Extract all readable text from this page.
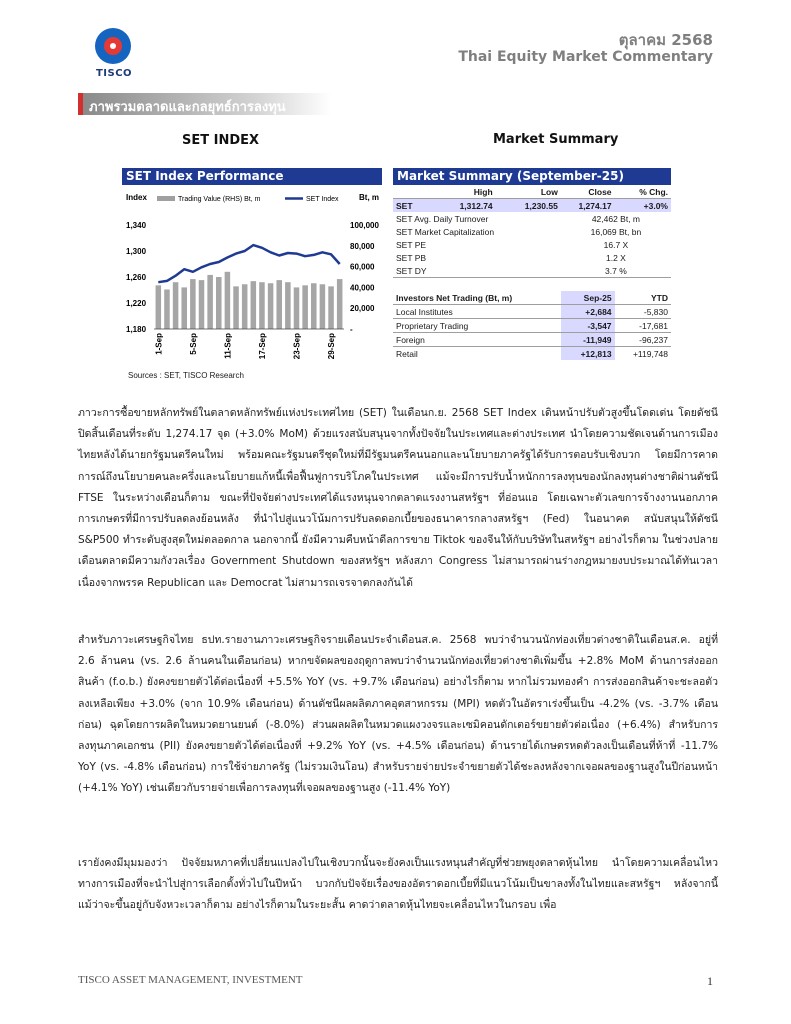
TISCO
ตุลาคม 2568
Thai Equity Market Commentary
ภาพรวมตลาดและกลยุทธ์การลงทุน
SET INDEX	Market Summary
SET Index Performance
Index	Bt, m
Trading Value (RHS) Bt, m	SET Index
1,340
1,300
1,260
1,220
1,180
100,000
80,000
60,000
40,000
20,000
-
1-Sep	5-Sep	11-Sep	17-Sep	23-Sep	29-Sep
Sources : SET, TISCO Research
Market Summary (September-25)
	High	Low	Close	% Chg.
SET	1,312.74	1,230.55	1,274.17	+3.0%
SET Avg. Daily Turnover			42,462 Bt, m	
SET Market Capitalization			16,069 Bt, bn	
SET PE			16.7 X	
SET PB			1.2 X	
SET DY			3.7 %	

Investors Net Trading (Bt, m)			Sep-25	YTD
Local Institutes			+2,684	-5,830
Proprietary Trading			-3,547	-17,681
Foreign			-11,949	-96,237
Retail			+12,813	+119,748
ภาวะการซื้อขายหลักทรัพย์ในตลาดหลักทรัพย์แห่งประเทศไทย (SET) ในเดือนก.ย. 2568 SET Index เดินหน้าปรับตัวสูงขึ้นโดดเด่น โดยดัชนีปิดสิ้นเดือนที่ระดับ 1,274.17 จุด (+3.0% MoM) ด้วยแรงสนับสนุนจากทั้งปัจจัยในประเทศและต่างประเทศ นำโดยความชัดเจนด้านการเมืองไทยหลังได้นายกรัฐมนตรีคนใหม่ พร้อมคณะรัฐมนตรีชุดใหม่ที่มีรัฐมนตรีคนนอกและนโยบายภาครัฐได้รับการตอบรับเชิงบวก โดยมีการคาดการณ์ถึงนโยบายคนละครึ่งและนโยบายแก้หนี้เพื่อฟื้นฟูการบริโภคในประเทศ แม้จะมีการปรับน้ำหนักการลงทุนของนักลงทุนต่างชาติผ่านดัชนี FTSE ในระหว่างเดือนก็ตาม ขณะที่ปัจจัยต่างประเทศได้แรงหนุนจากตลาดแรงงานสหรัฐฯ ที่อ่อนแอ โดยเฉพาะตัวเลขการจ้างงานนอกภาคการเกษตรที่มีการปรับลดลงย้อนหลัง ที่นำไปสู่แนวโน้มการปรับลดดอกเบี้ยของธนาคารกลางสหรัฐฯ (Fed) ในอนาคต สนับสนุนให้ดัชนี S&P500 ทำระดับสูงสุดใหม่ตลอดกาล นอกจากนี้ ยังมีความคืบหน้าดีลการขาย Tiktok ของจีนให้กับบริษัทในสหรัฐฯ อย่างไรก็ตาม ในช่วงปลายเดือนตลาดมีความกังวลเรื่อง Government Shutdown ของสหรัฐฯ หลังสภา Congress ไม่สามารถผ่านร่างกฎหมายงบประมาณได้ทันเวลาเนื่องจากพรรค Republican และ Democrat ไม่สามารถเจรจาตกลงกันได้
สำหรับภาวะเศรษฐกิจไทย ธปท.รายงานภาวะเศรษฐกิจรายเดือนประจำเดือนส.ค. 2568 พบว่าจำนวนนักท่องเที่ยวต่างชาติในเดือนส.ค. อยู่ที่ 2.6 ล้านคน (vs. 2.6 ล้านคนในเดือนก่อน) หากขจัดผลของฤดูกาลพบว่าจำนวนนักท่องเที่ยวต่างชาติเพิ่มขึ้น +2.8% MoM ด้านการส่งออกสินค้า (f.o.b.) ยังคงขยายตัวได้ต่อเนื่องที่ +5.5% YoY (vs. +9.7% เดือนก่อน) อย่างไรก็ตาม หากไม่รวมทองคำ การส่งออกสินค้าจะชะลอตัวลงเหลือเพียง +3.0% (จาก 10.9% เดือนก่อน) ด้านดัชนีผลผลิตภาคอุตสาหกรรม (MPI) หดตัวในอัตราเร่งขึ้นเป็น -4.2% (vs. -3.7% เดือนก่อน) ฉุดโดยการผลิตในหมวดยานยนต์ (-8.0%) ส่วนผลผลิตในหมวดแผงวงจรและเซมิคอนดักเตอร์ขยายตัวต่อเนื่อง (+6.4%) สำหรับการลงทุนภาคเอกชน (PII) ยังคงขยายตัวได้ต่อเนื่องที่ +9.2% YoY (vs. +4.5% เดือนก่อน) ด้านรายได้เกษตรหดตัวลงเป็นเดือนที่ห้าที่ -11.7% YoY (vs. -4.8% เดือนก่อน) การใช้จ่ายภาครัฐ (ไม่รวมเงินโอน) สำหรับรายจ่ายประจำขยายตัวได้ชะลงหลังจากเจอผลของฐานสูงในปีก่อนหน้า (+4.1% YoY) เช่นเดียวกับรายจ่ายเพื่อการลงทุนที่เจอผลของฐานสูง (-11.4% YoY)
เรายังคงมีมุมมองว่า ปัจจัยมหภาคที่เปลี่ยนแปลงไปในเชิงบวกนั้นจะยังคงเป็นแรงหนุนสำคัญที่ช่วยพยุงตลาดหุ้นไทย นำโดยความเคลื่อนไหวทางการเมืองที่จะนำไปสู่การเลือกตั้งทั่วไปในปีหน้า บวกกับปัจจัยเรื่องของอัตราดอกเบี้ยที่มีแนวโน้มเป็นขาลงทั้งในไทยและสหรัฐฯ หลังจากนี้แม้ว่าจะขึ้นอยู่กับจังหวะเวลาก็ตาม อย่างไรก็ตามในระยะสั้น คาดว่าตลาดหุ้นไทยจะเคลื่อนไหวในกรอบ เพื่อ
TISCO ASSET MANAGEMENT, INVESTMENT	1
